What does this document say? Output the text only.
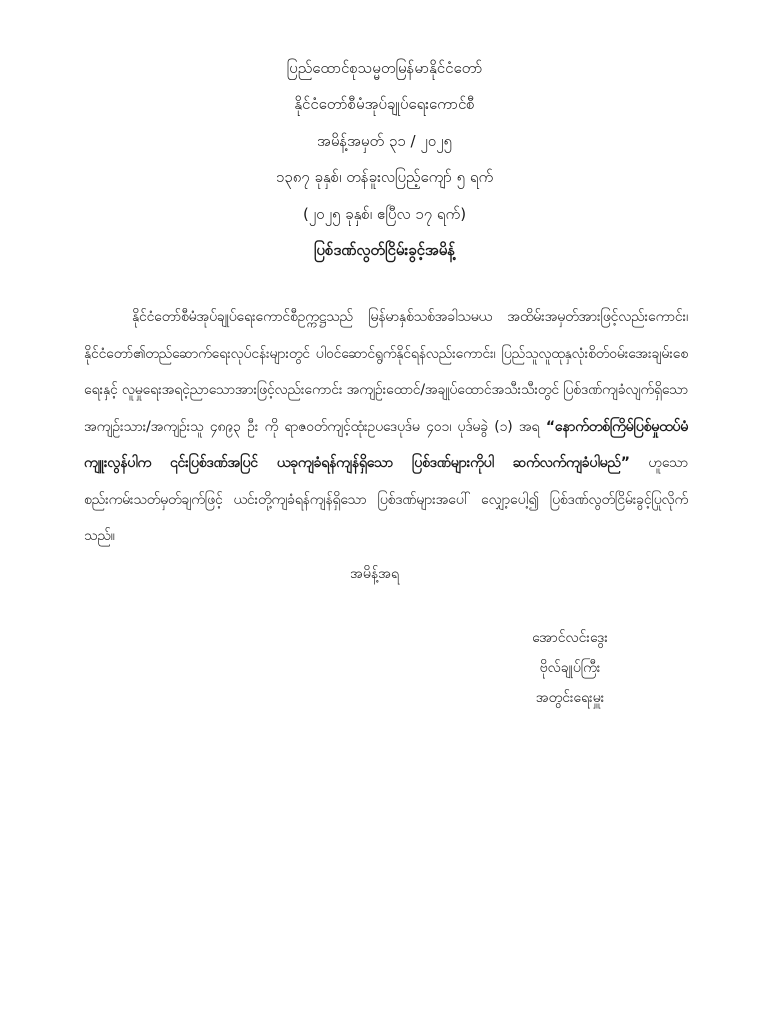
ပြည်ထောင်စုသမ္မတမြန်မာနိုင်ငံတော်
နိုင်ငံတော်စီမံအုပ်ချုပ်ရေးကောင်စီ
အမိန့်အမှတ် ၃၁ / ၂၀၂၅
၁၃၈၇ ခုနှစ်၊ တန်ခူးလပြည့်ကျော် ၅ ရက်
(၂၀၂၅ ခုနှစ်၊ ဧပြီလ ၁၇ ရက်)
ပြစ်ဒဏ်လွတ်ငြိမ်းခွင့်အမိန့်

နိုင်ငံတော်စီမံအုပ်ချုပ်ရေးကောင်စီဥက္ကဋ္ဌသည် မြန်မာနှစ်သစ်အခါသမယ အထိမ်းအမှတ်အားဖြင့်လည်းကောင်း၊ နိုင်ငံတော်၏တည်ဆောက်ရေးလုပ်ငန်းများတွင် ပါဝင်ဆောင်ရွက်နိုင်ရန်လည်းကောင်း၊ ပြည်သူလူထုနှလုံးစိတ်ဝမ်းအေးချမ်းစေရေးနှင့် လူမှုရေးအရငဲ့ညာသောအားဖြင့်လည်းကောင်း အကျဉ်းထောင်/အချုပ်ထောင်အသီးသီးတွင် ပြစ်ဒဏ်ကျခံလျက်ရှိသော အကျဉ်းသား/အကျဉ်းသူ ၄၈၉၃ ဦး ကို ရာဇဝတ်ကျင့်ထုံးဥပဒေပုဒ်မ ၄၀၁၊ ပုဒ်မခွဲ (၁) အရ “နောက်တစ်ကြိမ်ပြစ်မှုထပ်မံကျူးလွန်ပါက ၎င်းပြစ်ဒဏ်အပြင် ယခုကျခံရန်ကျန်ရှိသော ပြစ်ဒဏ်များကိုပါ ဆက်လက်ကျခံပါမည်” ဟူသော စည်းကမ်းသတ်မှတ်ချက်ဖြင့် ယင်းတို့ကျခံရန်ကျန်ရှိသော ပြစ်ဒဏ်များအပေါ် လျှော့ပေါ့၍ ပြစ်ဒဏ်လွတ်ငြိမ်းခွင့်ပြုလိုက်သည်။

အမိန့်အရ
အောင်လင်းဒွေး
ဗိုလ်ချုပ်ကြီး
အတွင်းရေးမှူး
